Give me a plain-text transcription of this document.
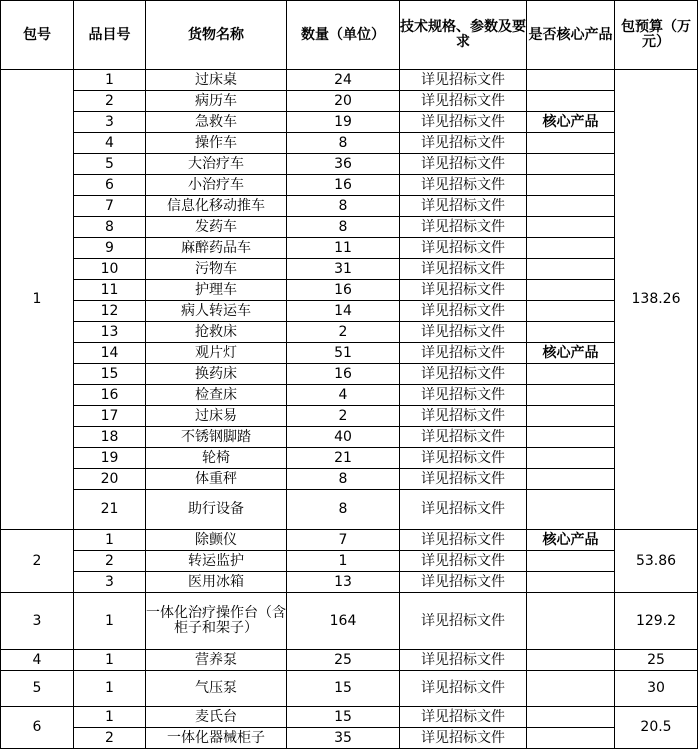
包号	品目号	货物名称	数量（单位）	技术规格、参数及要求	是否核心产品	包预算（万元）
1	1	过床桌	24	详见招标文件		138.26
	2	病历车	20	详见招标文件		
	3	急救车	19	详见招标文件	核心产品	
	4	操作车	8	详见招标文件		
	5	大治疗车	36	详见招标文件		
	6	小治疗车	16	详见招标文件		
	7	信息化移动推车	8	详见招标文件		
	8	发药车	8	详见招标文件		
	9	麻醉药品车	11	详见招标文件		
	10	污物车	31	详见招标文件		
	11	护理车	16	详见招标文件		
	12	病人转运车	14	详见招标文件		
	13	抢救床	2	详见招标文件		
	14	观片灯	51	详见招标文件	核心产品	
	15	换药床	16	详见招标文件		
	16	检查床	4	详见招标文件		
	17	过床易	2	详见招标文件		
	18	不锈钢脚踏	40	详见招标文件		
	19	轮椅	21	详见招标文件		
	20	体重秤	8	详见招标文件		
	21	助行设备	8	详见招标文件		
2	1	除颤仪	7	详见招标文件	核心产品	53.86
	2	转运监护	1	详见招标文件		
	3	医用冰箱	13	详见招标文件		
3	1	一体化治疗操作台（含柜子和架子）	164	详见招标文件		129.2
4	1	营养泵	25	详见招标文件		25
5	1	气压泵	15	详见招标文件		30
6	1	麦氏台	15	详见招标文件		20.5
	2	一体化器械柜子	35	详见招标文件		
